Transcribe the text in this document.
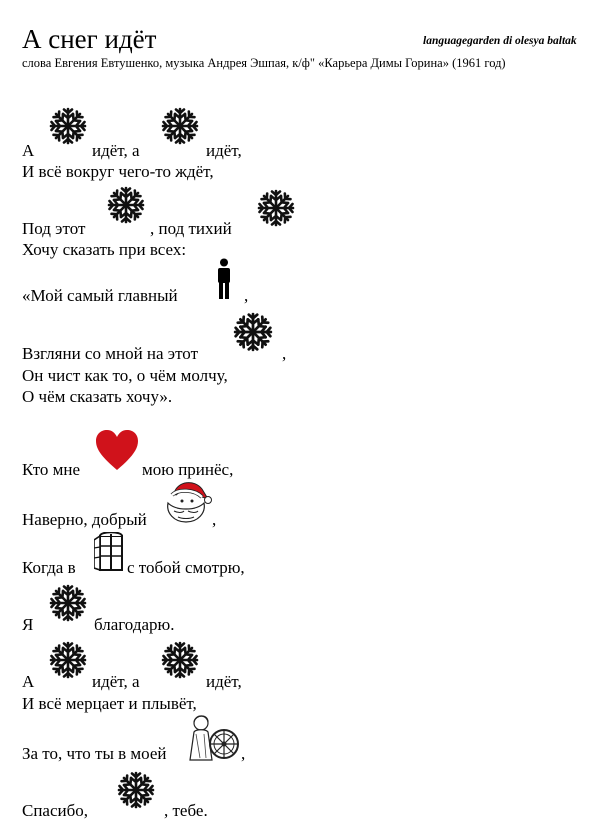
А снег идёт	languagegarden di olesya baltak
слова Евгения Евтушенко, музыка Андрея Эшпая, к/ф" «Карьера Димы Горина» (1961 год)
А	идёт, а	идёт,
И всё вокруг чего-то ждёт,
Под этот	, под тихий
Хочу сказать при всех:
«Мой самый главный	,
Взгляни со мной на этот	,
Он чист как то, о чём молчу,
О чём сказать хочу».
Кто мне	мою принёс,
Наверно, добрый	,
Когда в	с тобой смотрю,
Я	благодарю.
А	идёт, а	идёт,
И всё мерцает и плывёт,
За то, что ты в моей	,
Спасибо,	, тебе.
